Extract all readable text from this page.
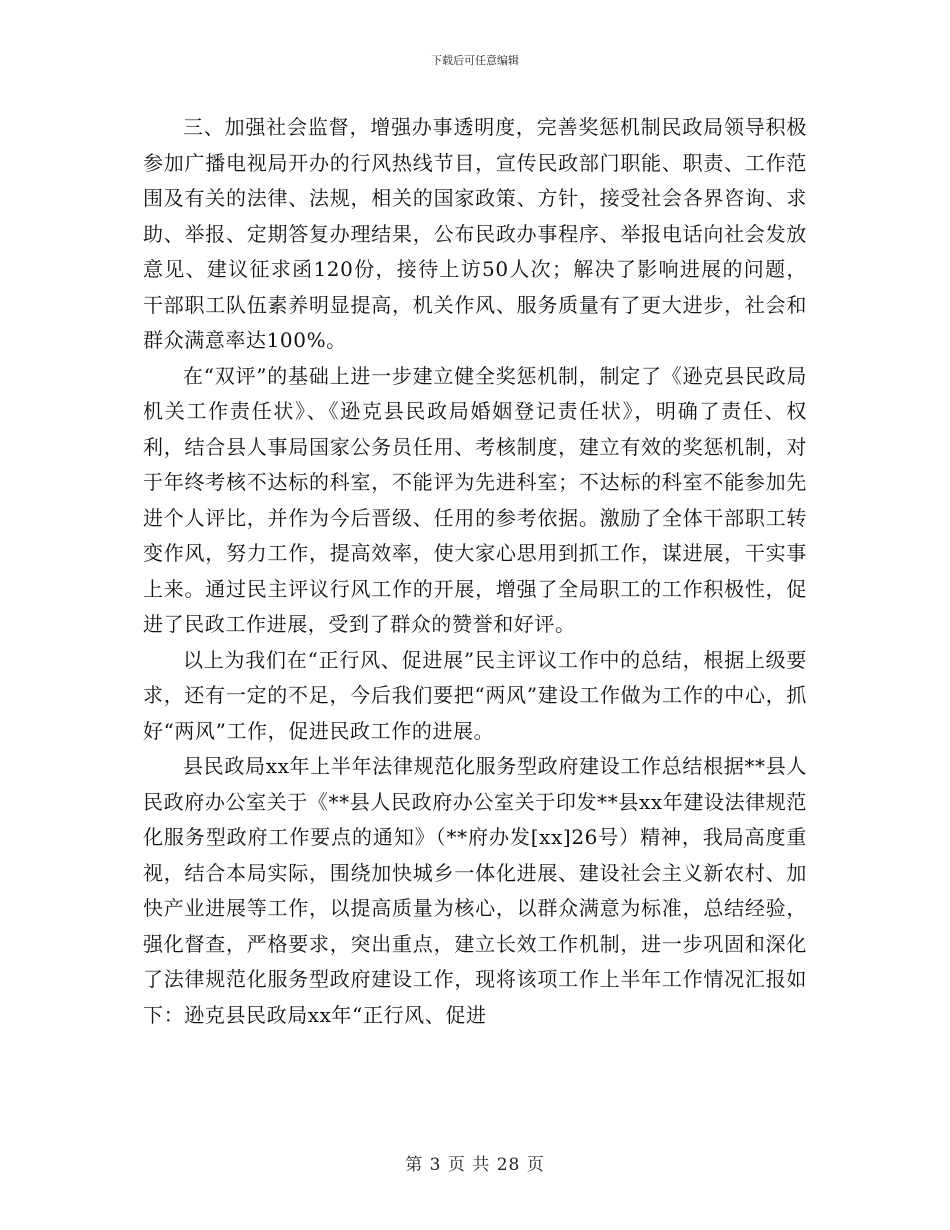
下载后可任意编辑

三、加强社会监督，增强办事透明度，完善奖惩机制民政局领导积极参加广播电视局开办的行风热线节目，宣传民政部门职能、职责、工作范围及有关的法律、法规，相关的国家政策、方针，接受社会各界咨询、求助、举报、定期答复办理结果，公布民政办事程序、举报电话向社会发放意见、建议征求函120份，接待上访50人次；解决了影响进展的问题，干部职工队伍素养明显提高，机关作风、服务质量有了更大进步，社会和群众满意率达100%。

在“双评”的基础上进一步建立健全奖惩机制，制定了《逊克县民政局机关工作责任状》、《逊克县民政局婚姻登记责任状》，明确了责任、权利，结合县人事局国家公务员任用、考核制度，建立有效的奖惩机制，对于年终考核不达标的科室，不能评为先进科室；不达标的科室不能参加先进个人评比，并作为今后晋级、任用的参考依据。激励了全体干部职工转变作风，努力工作，提高效率，使大家心思用到抓工作，谋进展，干实事上来。通过民主评议行风工作的开展，增强了全局职工的工作积极性，促进了民政工作进展，受到了群众的赞誉和好评。

以上为我们在“正行风、促进展”民主评议工作中的总结，根据上级要求，还有一定的不足，今后我们要把“两风”建设工作做为工作的中心，抓好“两风”工作，促进民政工作的进展。

县民政局xx年上半年法律规范化服务型政府建设工作总结根据**县人民政府办公室关于《**县人民政府办公室关于印发**县xx年建设法律规范化服务型政府工作要点的通知》（**府办发[xx]26号）精神，我局高度重视，结合本局实际，围绕加快城乡一体化进展、建设社会主义新农村、加快产业进展等工作，以提高质量为核心，以群众满意为标准，总结经验，强化督查，严格要求，突出重点，建立长效工作机制，进一步巩固和深化了法律规范化服务型政府建设工作，现将该项工作上半年工作情况汇报如下：逊克县民政局xx年“正行风、促进

第 3 页 共 28 页
